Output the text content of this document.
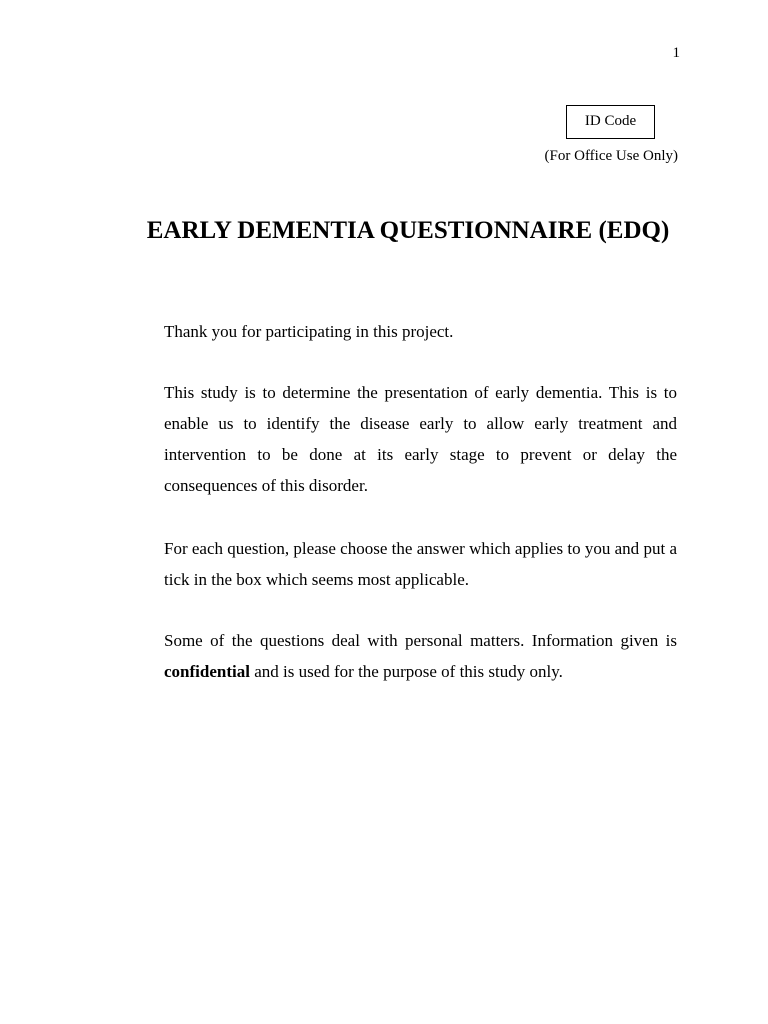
1
ID Code
(For Office Use Only)
EARLY DEMENTIA QUESTIONNAIRE (EDQ)

Thank you for participating in this project.

This study is to determine the presentation of early dementia. This is to enable us to identify the disease early to allow early treatment and intervention to be done at its early stage to prevent or delay the consequences of this disorder.

For each question, please choose the answer which applies to you and put a tick in the box which seems most applicable.

Some of the questions deal with personal matters. Information given is confidential and is used for the purpose of this study only.
